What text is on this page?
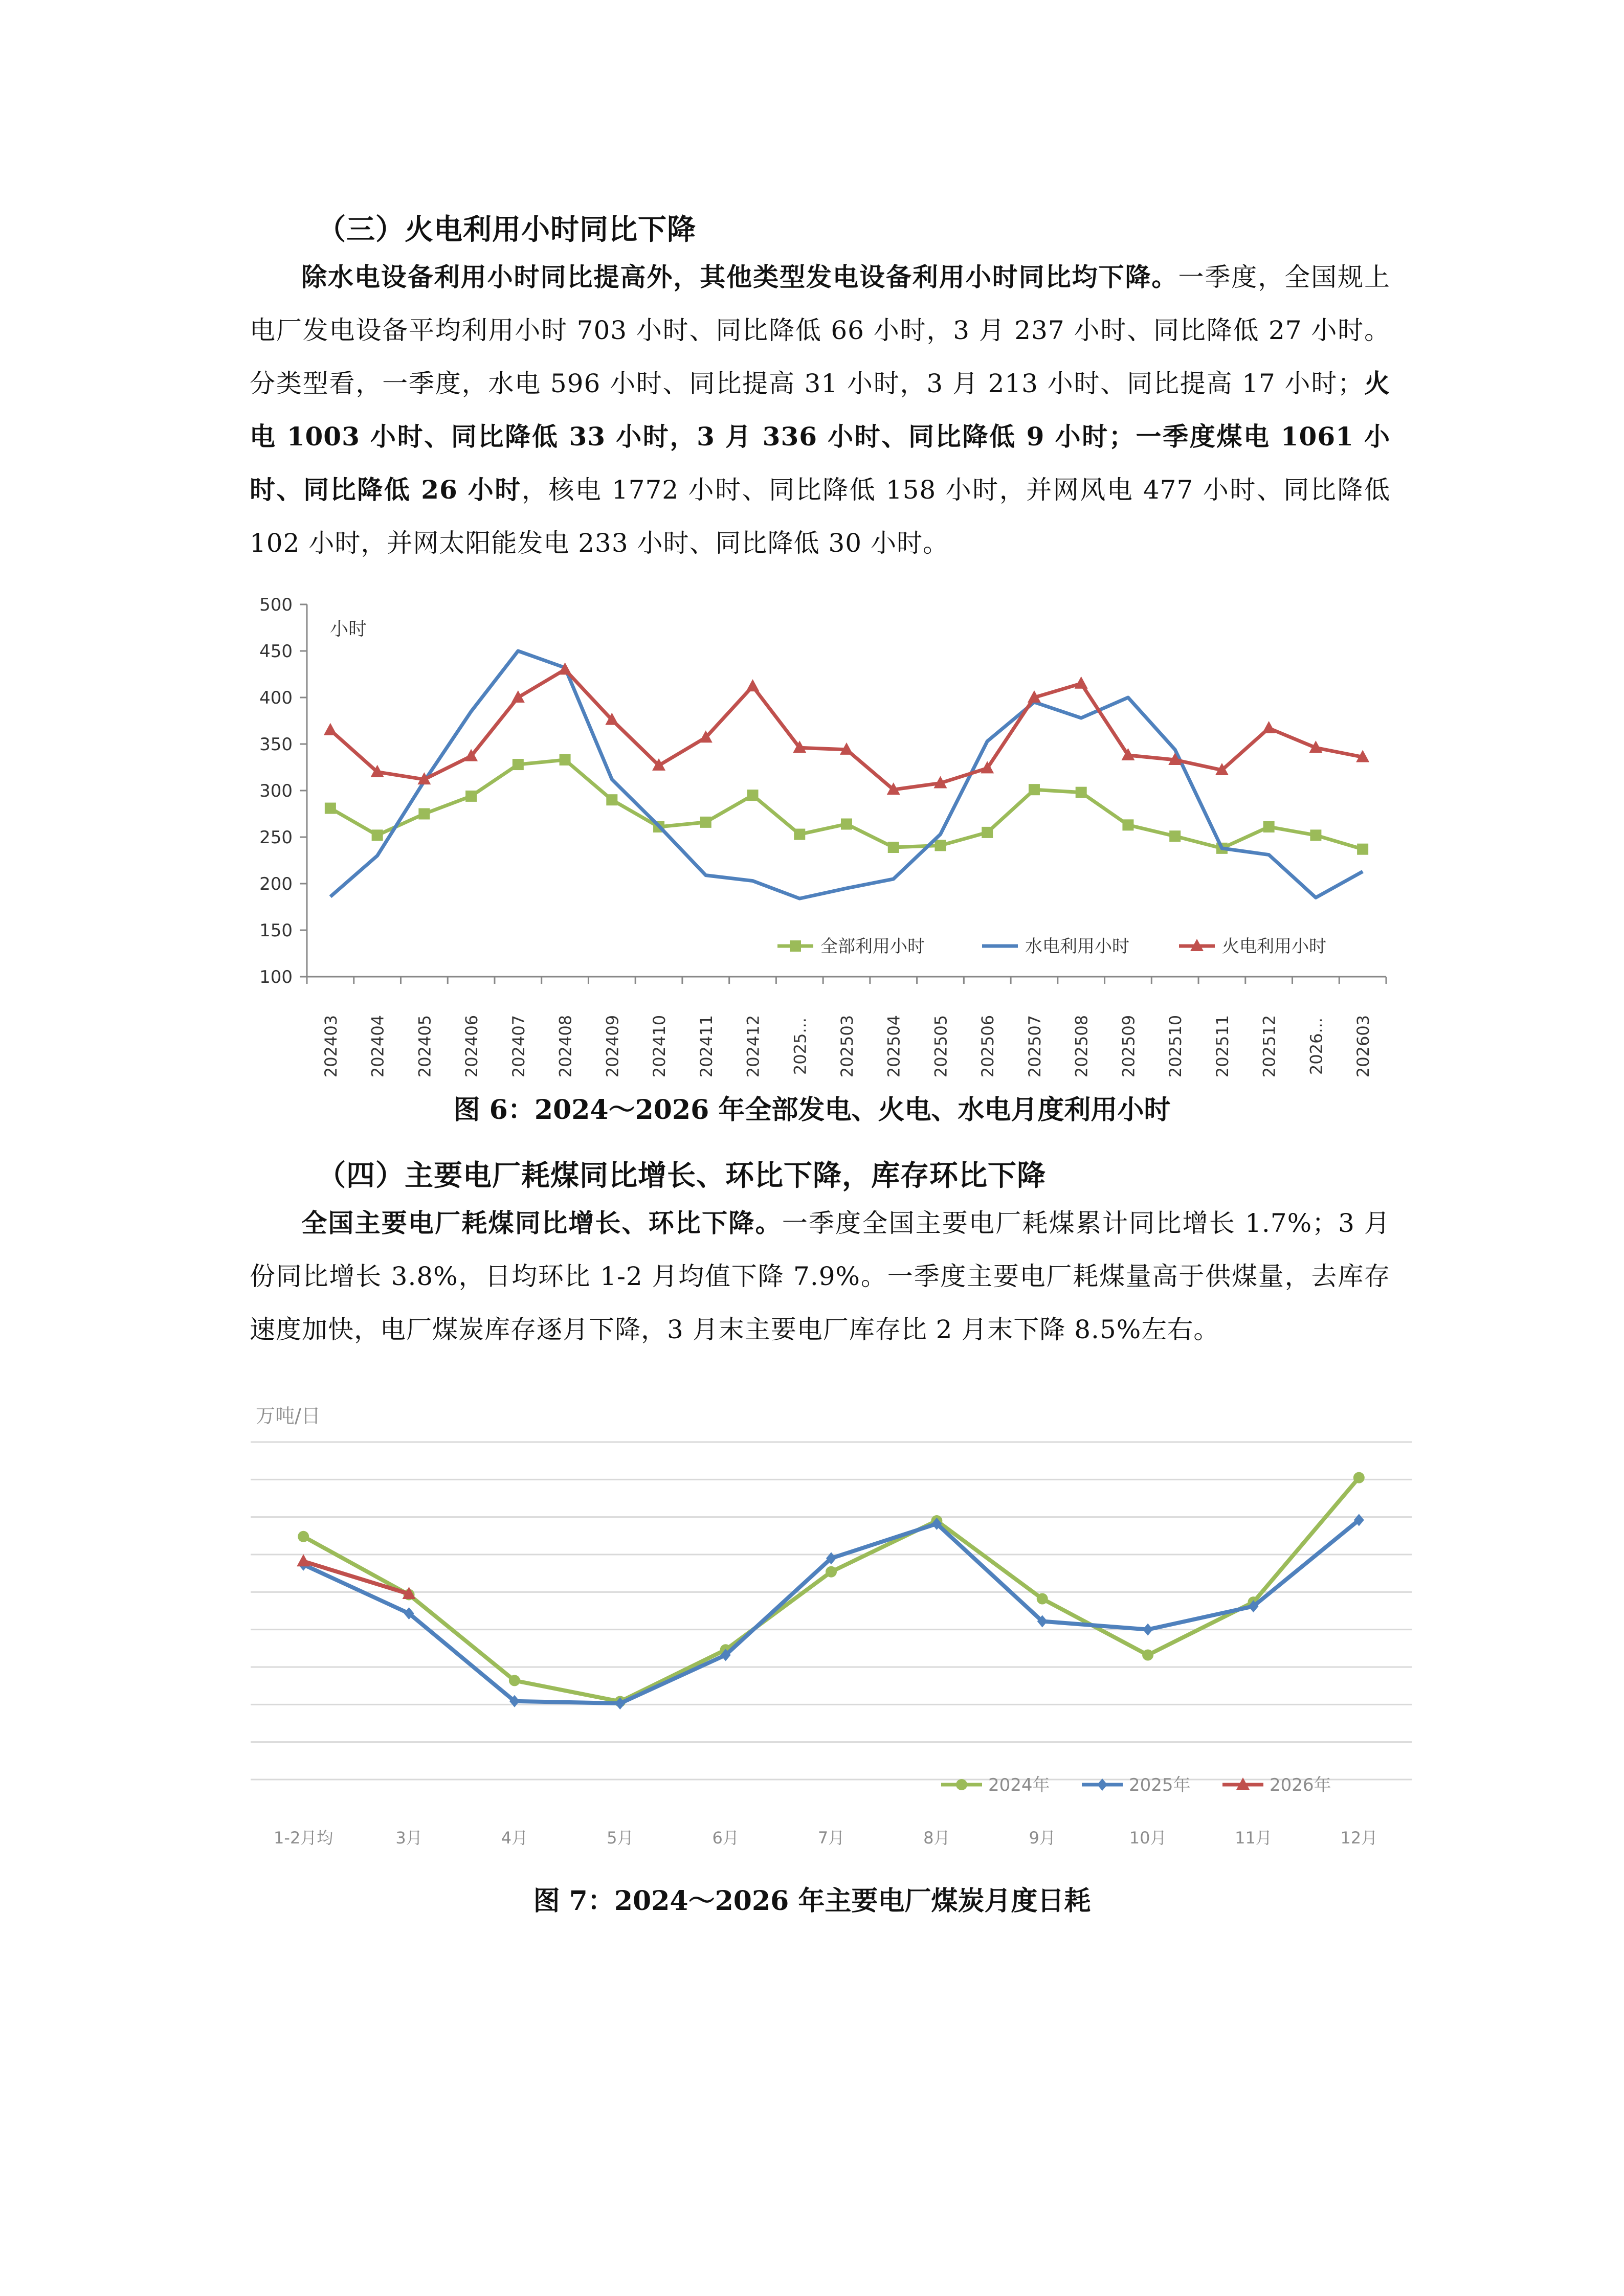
（三）火电利用小时同比下降
除水电设备利用小时同比提高外，其他类型发电设备利用小时同比均下降。一季度，全国规上电厂发电设备平均利用小时 703 小时、同比降低 66 小时，3 月 237 小时、同比降低 27 小时。分类型看，一季度，水电 596 小时、同比提高 31 小时，3 月 213 小时、同比提高 17 小时；火电 1003 小时、同比降低 33 小时，3 月 336 小时、同比降低 9 小时；一季度煤电 1061 小时、同比降低 26 小时，核电 1772 小时、同比降低 158 小时，并网风电 477 小时、同比降低 102 小时，并网太阳能发电 233 小时、同比降低 30 小时。
100
150
200
250
300
350
400
450
500
小时
202403 202404 202405 202406 202407 202408 202409 202410 202411 202412 2025... 202503 202504 202505 202506 202507 202508 202509 202510 202511 202512 2026... 202603
全部利用小时	水电利用小时	火电利用小时
图 6：2024～2026 年全部发电、火电、水电月度利用小时
（四）主要电厂耗煤同比增长、环比下降，库存环比下降
全国主要电厂耗煤同比增长、环比下降。一季度全国主要电厂耗煤累计同比增长 1.7%；3 月份同比增长 3.8%，日均环比 1-2 月均值下降 7.9%。一季度主要电厂耗煤量高于供煤量，去库存速度加快，电厂煤炭库存逐月下降，3 月末主要电厂库存比 2 月末下降 8.5%左右。
万吨/日
1-2月均	3月	4月	5月	6月	7月	8月	9月	10月	11月	12月
2024年	2025年	2026年
图 7：2024～2026 年主要电厂煤炭月度日耗
